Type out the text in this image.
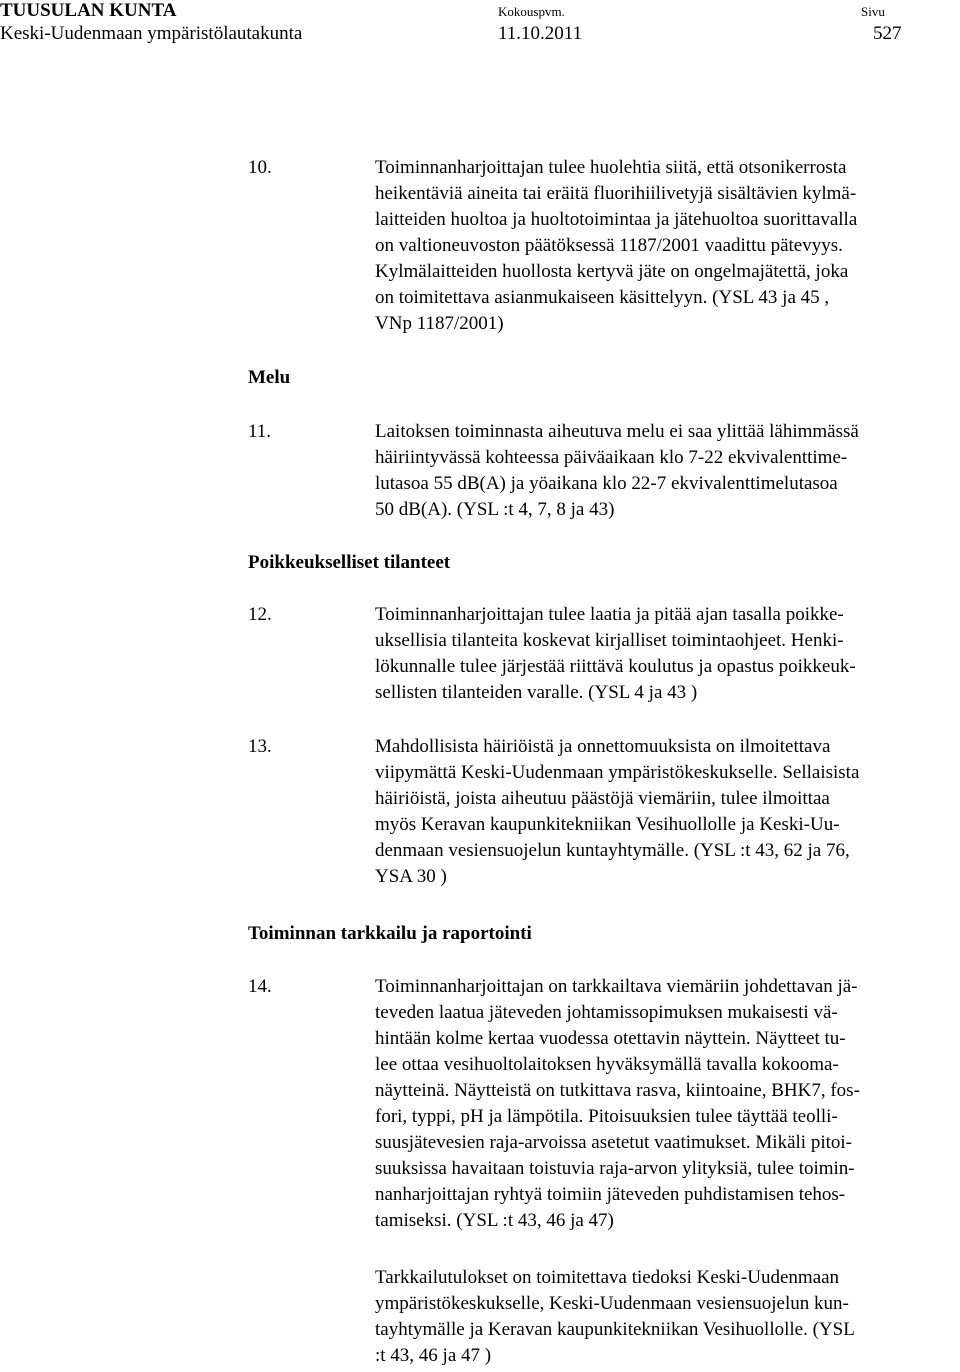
TUUSULAN KUNTA
Keski-Uudenmaan ympäristölautakunta
Kokouspvm.
11.10.2011
Sivu
527
10.	Toiminnanharjoittajan tulee huolehtia siitä, että otsonikerrosta
heikentäviä aineita tai eräitä fluorihiilivetyjä sisältävien kylmä-
laitteiden huoltoa ja huoltotoimintaa ja jätehuoltoa suorittavalla
on valtioneuvoston päätöksessä 1187/2001 vaadittu pätevyys.
Kylmälaitteiden huollosta kertyvä jäte on ongelmajätettä, joka
on toimitettava asianmukaiseen käsittelyyn. (YSL 43 ja 45 ,
VNp 1187/2001)
Melu
11.	Laitoksen toiminnasta aiheutuva melu ei saa ylittää lähimmässä
häiriintyvässä kohteessa päiväaikaan klo 7-22 ekvivalenttime-
lutasoa 55 dB(A) ja yöaikana klo 22-7 ekvivalenttimelutasoa
50 dB(A). (YSL :t 4, 7, 8 ja 43)
Poikkeukselliset tilanteet
12.	Toiminnanharjoittajan tulee laatia ja pitää ajan tasalla poikke-
uksellisia tilanteita koskevat kirjalliset toimintaohjeet. Henki-
lökunnalle tulee järjestää riittävä koulutus ja opastus poikkeuk-
sellisten tilanteiden varalle. (YSL 4 ja 43 )
13.	Mahdollisista häiriöistä ja onnettomuuksista on ilmoitettava
viipymättä Keski-Uudenmaan ympäristökeskukselle. Sellaisista
häiriöistä, joista aiheutuu päästöjä viemäriin, tulee ilmoittaa
myös Keravan kaupunkitekniikan Vesihuollolle ja Keski-Uu-
denmaan vesiensuojelun kuntayhtymälle. (YSL :t 43, 62 ja 76,
YSA 30 )
Toiminnan tarkkailu ja raportointi
14.	Toiminnanharjoittajan on tarkkailtava viemäriin johdettavan jä-
teveden laatua jäteveden johtamissopimuksen mukaisesti vä-
hintään kolme kertaa vuodessa otettavin näyttein. Näytteet tu-
lee ottaa vesihuoltolaitoksen hyväksymällä tavalla kokooma-
näytteinä. Näytteistä on tutkittava rasva, kiintoaine, BHK7, fos-
fori, typpi, pH ja lämpötila. Pitoisuuksien tulee täyttää teolli-
suusjätevesien raja-arvoissa asetetut vaatimukset. Mikäli pitoi-
suuksissa havaitaan toistuvia raja-arvon ylityksiä, tulee toimin-
nanharjoittajan ryhtyä toimiin jäteveden puhdistamisen tehos-
tamiseksi. (YSL :t 43, 46 ja 47)
Tarkkailutulokset on toimitettava tiedoksi Keski-Uudenmaan
ympäristökeskukselle, Keski-Uudenmaan vesiensuojelun kun-
tayhtymälle ja Keravan kaupunkitekniikan Vesihuollolle. (YSL
:t 43, 46 ja 47 )
